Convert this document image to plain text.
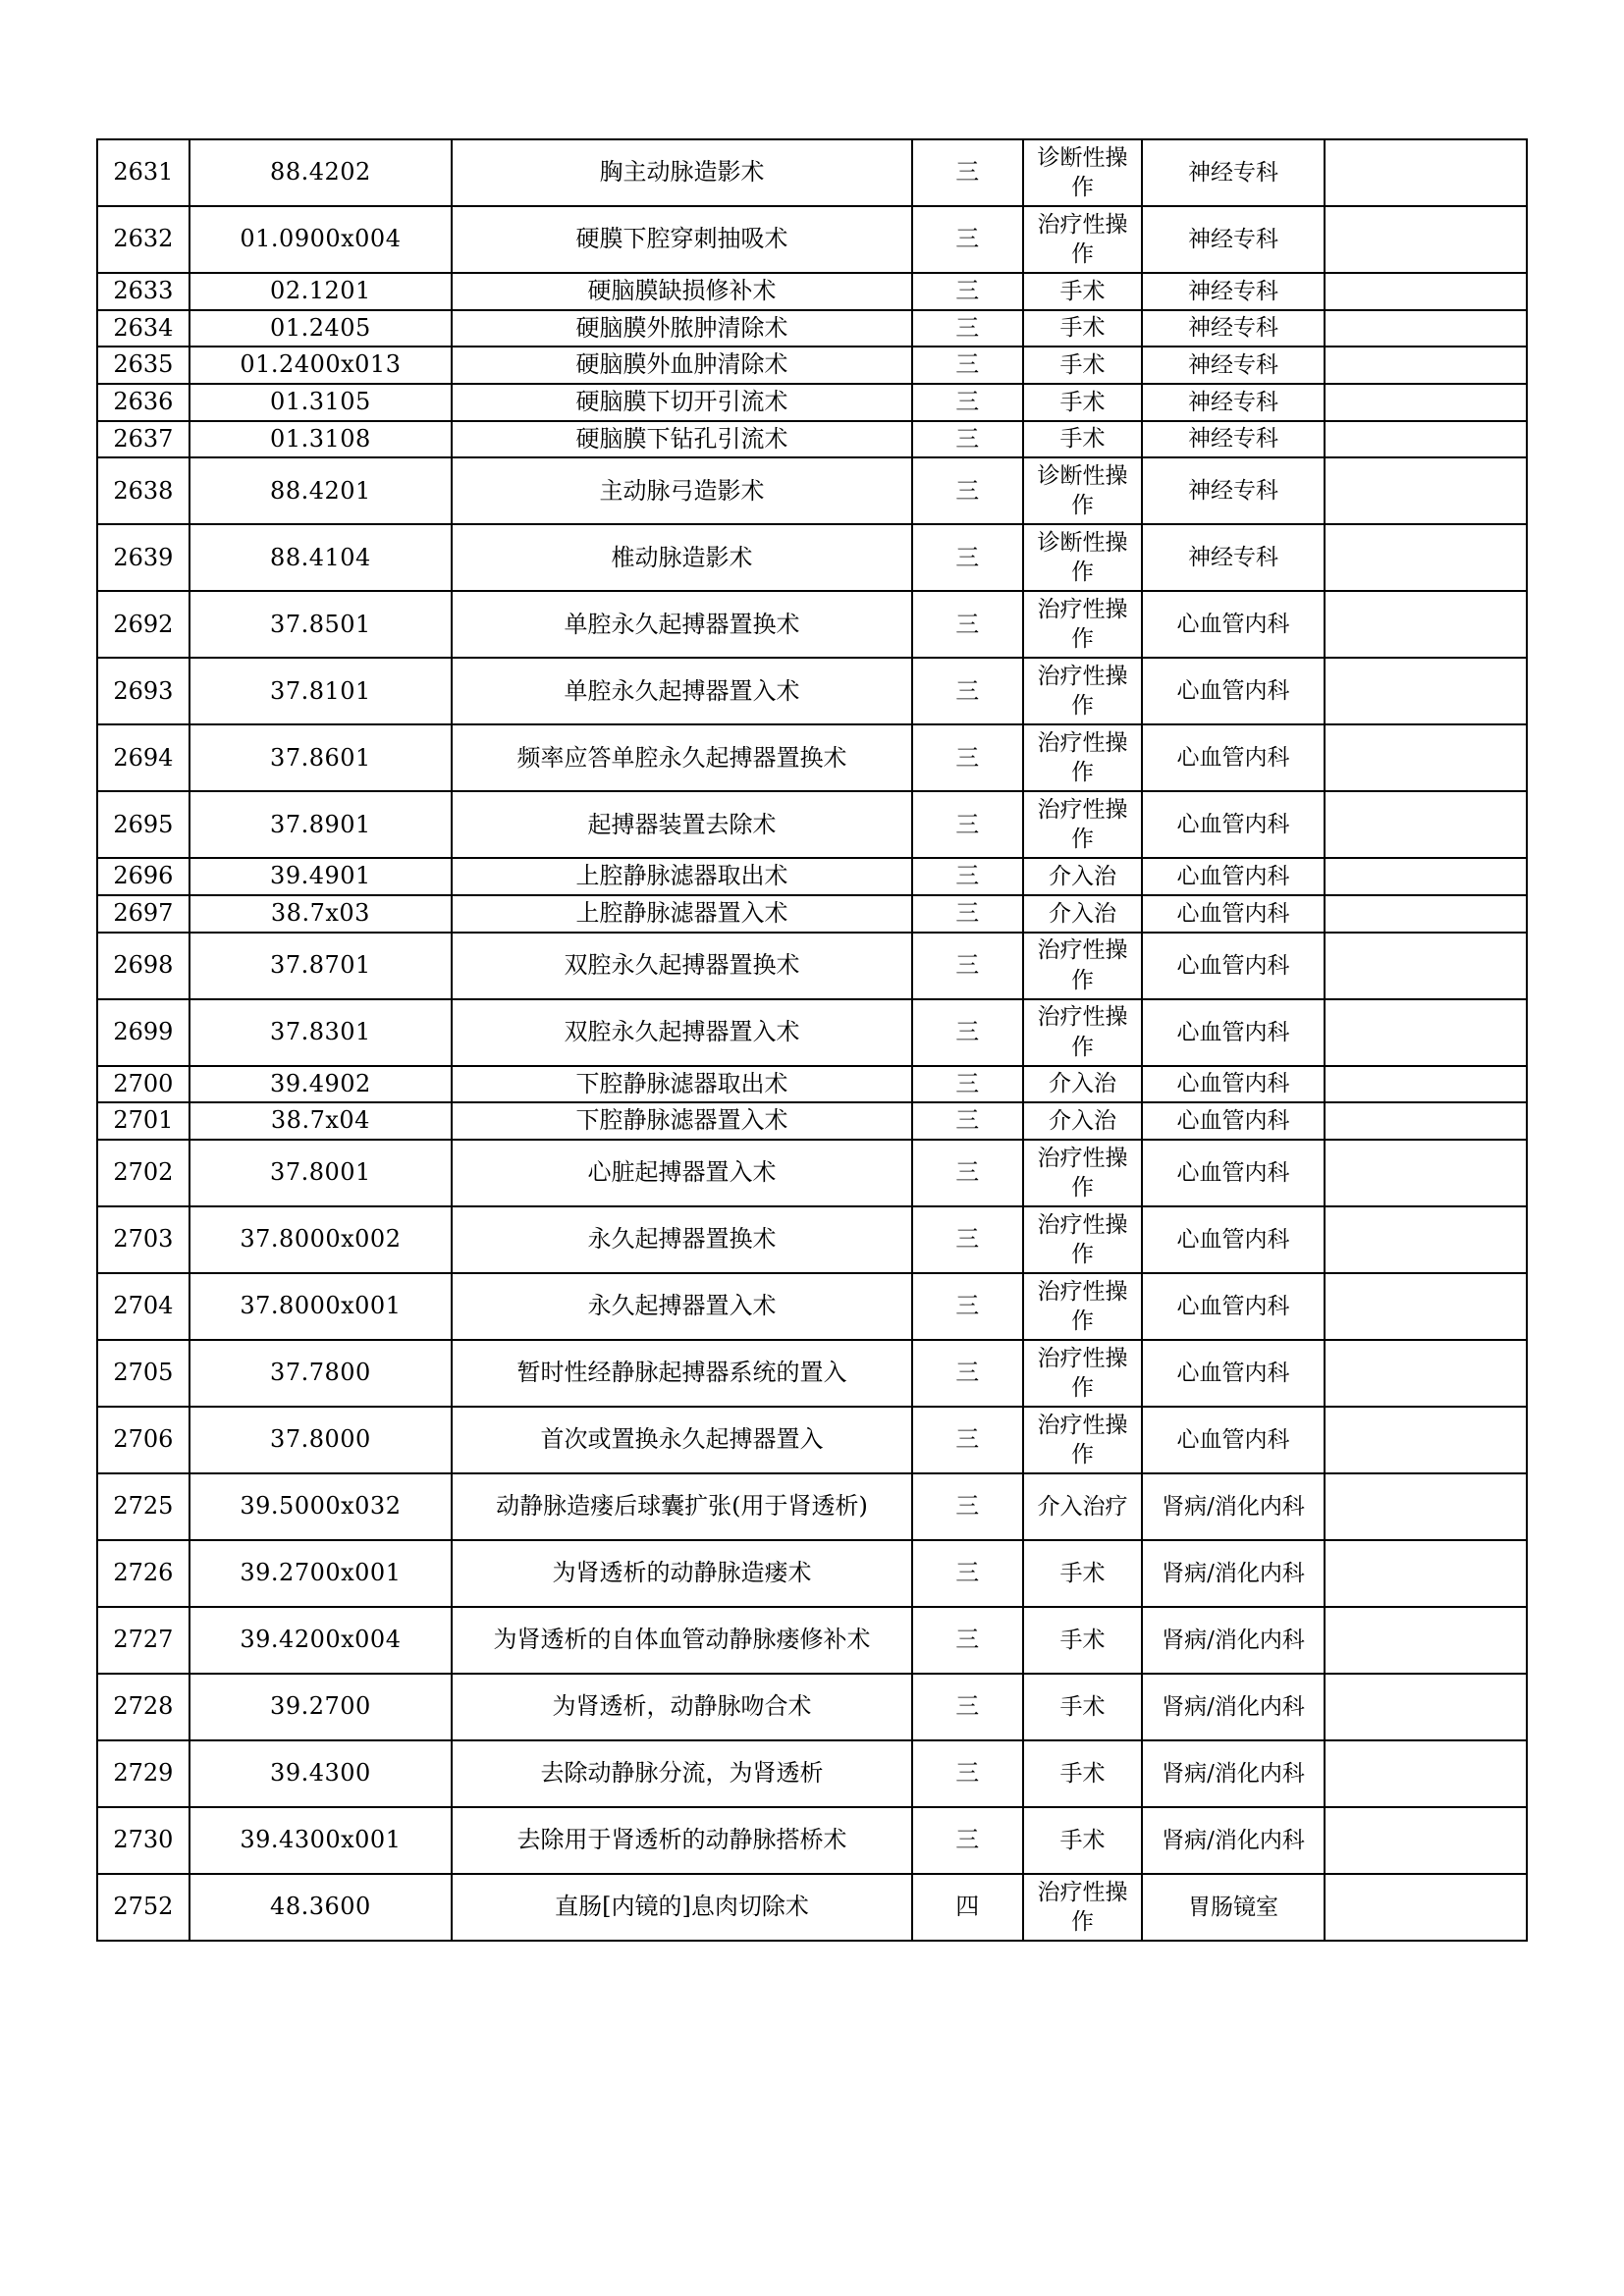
2631	88.4202	胸主动脉造影术	三	诊断性操作	神经专科	
2632	01.0900x004	硬膜下腔穿刺抽吸术	三	治疗性操作	神经专科	
2633	02.1201	硬脑膜缺损修补术	三	手术	神经专科	
2634	01.2405	硬脑膜外脓肿清除术	三	手术	神经专科	
2635	01.2400x013	硬脑膜外血肿清除术	三	手术	神经专科	
2636	01.3105	硬脑膜下切开引流术	三	手术	神经专科	
2637	01.3108	硬脑膜下钻孔引流术	三	手术	神经专科	
2638	88.4201	主动脉弓造影术	三	诊断性操作	神经专科	
2639	88.4104	椎动脉造影术	三	诊断性操作	神经专科	
2692	37.8501	单腔永久起搏器置换术	三	治疗性操作	心血管内科	
2693	37.8101	单腔永久起搏器置入术	三	治疗性操作	心血管内科	
2694	37.8601	频率应答单腔永久起搏器置换术	三	治疗性操作	心血管内科	
2695	37.8901	起搏器装置去除术	三	治疗性操作	心血管内科	
2696	39.4901	上腔静脉滤器取出术	三	介入治	心血管内科	
2697	38.7x03	上腔静脉滤器置入术	三	介入治	心血管内科	
2698	37.8701	双腔永久起搏器置换术	三	治疗性操作	心血管内科	
2699	37.8301	双腔永久起搏器置入术	三	治疗性操作	心血管内科	
2700	39.4902	下腔静脉滤器取出术	三	介入治	心血管内科	
2701	38.7x04	下腔静脉滤器置入术	三	介入治	心血管内科	
2702	37.8001	心脏起搏器置入术	三	治疗性操作	心血管内科	
2703	37.8000x002	永久起搏器置换术	三	治疗性操作	心血管内科	
2704	37.8000x001	永久起搏器置入术	三	治疗性操作	心血管内科	
2705	37.7800	暂时性经静脉起搏器系统的置入	三	治疗性操作	心血管内科	
2706	37.8000	首次或置换永久起搏器置入	三	治疗性操作	心血管内科	
2725	39.5000x032	动静脉造瘘后球囊扩张(用于肾透析)	三	介入治疗	肾病/消化内科	
2726	39.2700x001	为肾透析的动静脉造瘘术	三	手术	肾病/消化内科	
2727	39.4200x004	为肾透析的自体血管动静脉瘘修补术	三	手术	肾病/消化内科	
2728	39.2700	为肾透析，动静脉吻合术	三	手术	肾病/消化内科	
2729	39.4300	去除动静脉分流，为肾透析	三	手术	肾病/消化内科	
2730	39.4300x001	去除用于肾透析的动静脉搭桥术	三	手术	肾病/消化内科	
2752	48.3600	直肠[内镜的]息肉切除术	四	治疗性操作	胃肠镜室	
